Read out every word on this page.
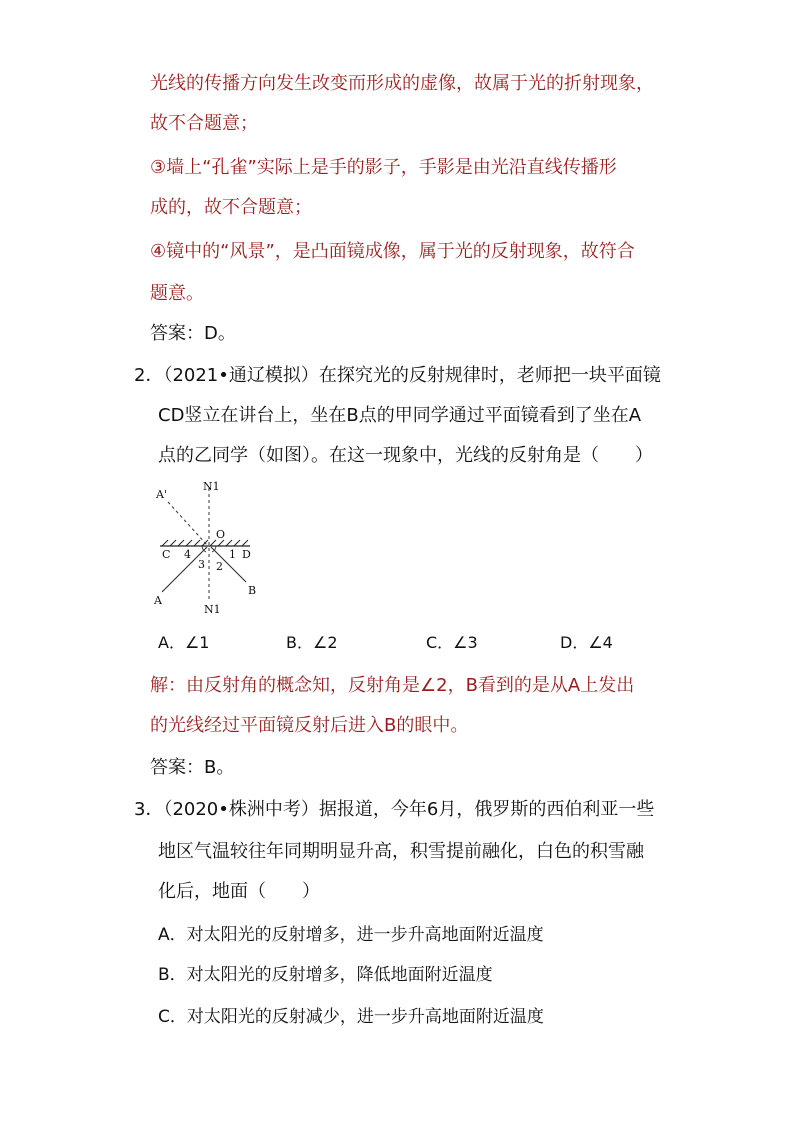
光线的传播方向发生改变而形成的虚像，故属于光的折射现象，
故不合题意；
③墙上“孔雀”实际上是手的影子，手影是由光沿直线传播形
成的，故不合题意；
④镜中的“风景”，是凸面镜成像，属于光的反射现象，故符合
题意。
答案：D。
2．（2021•通辽模拟）在探究光的反射规律时，老师把一块平面镜
CD竖立在讲台上，坐在B点的甲同学通过平面镜看到了坐在A
点的乙同学（如图）。在这一现象中，光线的反射角是（　　）
A'
N1
O
C 4	1 D
3 2
B
A
N1
A．∠1	B．∠2	C．∠3	D．∠4
解：由反射角的概念知，反射角是∠2，B看到的是从A上发出
的光线经过平面镜反射后进入B的眼中。
答案：B。
3．（2020•株洲中考）据报道，今年6月，俄罗斯的西伯利亚一些
地区气温较往年同期明显升高，积雪提前融化，白色的积雪融
化后，地面（　　）
A．对太阳光的反射增多，进一步升高地面附近温度
B．对太阳光的反射增多，降低地面附近温度
C．对太阳光的反射减少，进一步升高地面附近温度
